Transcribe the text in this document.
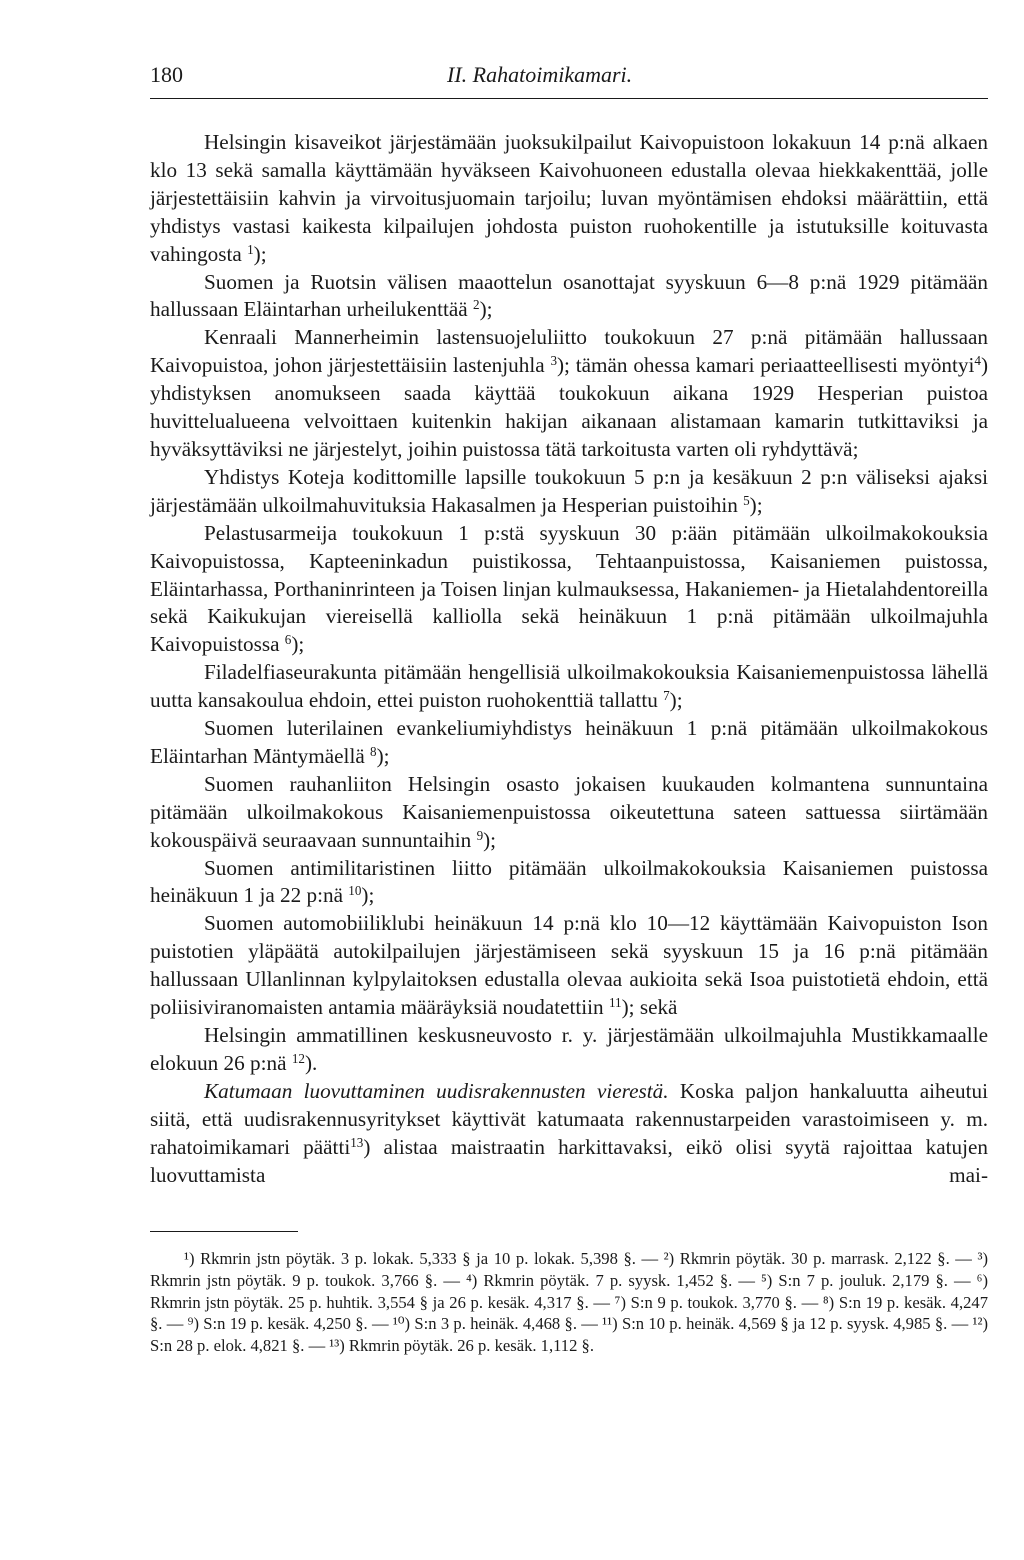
180	II. Rahatoimikamari.

Helsingin kisaveikot järjestämään juoksukilpailut Kaivopuistoon lokakuun 14 p:nä alkaen klo 13 sekä samalla käyttämään hyväkseen Kaivohuoneen edustalla olevaa hiekkakenttää, jolle järjestettäisiin kahvin ja virvoitusjuomain tarjoilu; luvan myöntämisen ehdoksi määrättiin, että yhdistys vastasi kaikesta kilpailujen johdosta puiston ruohokentille ja istutuksille koituvasta vahingosta $^1$);

Suomen ja Ruotsin välisen maaottelun osanottajat syyskuun 6—8 p:nä 1929 pitämään hallussaan Eläintarhan urheilukenttää $^2$);

Kenraali Mannerheimin lastensuojeluliitto toukokuun 27 p:nä pitämään hallussaan Kaivopuistoa, johon järjestettäisiin lastenjuhla $^3$); tämän ohessa kamari periaatteellisesti myöntyi$^4$) yhdistyksen anomukseen saada käyttää toukokuun aikana 1929 Hesperian puistoa huvittelualueena velvoittaen kuitenkin hakijan aikanaan alistamaan kamarin tutkittaviksi ja hyväksyttäviksi ne järjestelyt, joihin puistossa tätä tarkoitusta varten oli ryhdyttävä;

Yhdistys Koteja kodittomille lapsille toukokuun 5 p:n ja kesäkuun 2 p:n väliseksi ajaksi järjestämään ulkoilmahuvituksia Hakasalmen ja Hesperian puistoihin $^5$);

Pelastusarmeija toukokuun 1 p:stä syyskuun 30 p:ään pitämään ulkoilmakokouksia Kaivopuistossa, Kapteeninkadun puistikossa, Tehtaanpuistossa, Kaisaniemen puistossa, Eläintarhassa, Porthaninrinteen ja Toisen linjan kulmauksessa, Hakaniemen- ja Hietalahdentoreilla sekä Kaikukujan viereisellä kalliolla sekä heinäkuun 1 p:nä pitämään ulkoilmajuhla Kaivopuistossa $^6$);

Filadelfiaseurakunta pitämään hengellisiä ulkoilmakokouksia Kaisaniemenpuistossa lähellä uutta kansakoulua ehdoin, ettei puiston ruohokenttiä tallattu $^7$);

Suomen luterilainen evankeliumiyhdistys heinäkuun 1 p:nä pitämään ulkoilmakokous Eläintarhan Mäntymäellä $^8$);

Suomen rauhanliiton Helsingin osasto jokaisen kuukauden kolmantena sunnuntaina pitämään ulkoilmakokous Kaisaniemenpuistossa oikeutettuna sateen sattuessa siirtämään kokouspäivä seuraavaan sunnuntaihin $^9$);

Suomen antimilitaristinen liitto pitämään ulkoilmakokouksia Kaisaniemen puistossa heinäkuun 1 ja 22 p:nä $^{10}$);

Suomen automobiiliklubi heinäkuun 14 p:nä klo 10—12 käyttämään Kaivopuiston Ison puistotien yläpäätä autokilpailujen järjestämiseen sekä syyskuun 15 ja 16 p:nä pitämään hallussaan Ullanlinnan kylpylaitoksen edustalla olevaa aukioita sekä Isoa puistotietä ehdoin, että poliisiviranomaisten antamia määräyksiä noudatettiin $^{11}$); sekä

Helsingin ammatillinen keskusneuvosto r. y. järjestämään ulkoilmajuhla Mustikkamaalle elokuun 26 p:nä $^{12}$).

Katumaan luovuttaminen uudisrakennusten vierestä. Koska paljon hankaluutta aiheutui siitä, että uudisrakennusyritykset käyttivät katumaata rakennustarpeiden varastoimiseen y. m. rahatoimikamari päätti$^{13}$) alistaa maistraatin harkittavaksi, eikö olisi syytä rajoittaa katujen luovuttamista mai-

¹) Rkmrin jstn pöytäk. 3 p. lokak. 5,333 § ja 10 p. lokak. 5,398 §. — ²) Rkmrin pöytäk. 30 p. marrask. 2,122 §. — ³) Rkmrin jstn pöytäk. 9 p. toukok. 3,766 §. — ⁴) Rkmrin pöytäk. 7 p. syysk. 1,452 §. — ⁵) S:n 7 p. jouluk. 2,179 §. — ⁶) Rkmrin jstn pöytäk. 25 p. huhtik. 3,554 § ja 26 p. kesäk. 4,317 §. — ⁷) S:n 9 p. toukok. 3,770 §. — ⁸) S:n 19 p. kesäk. 4,247 §. — ⁹) S:n 19 p. kesäk. 4,250 §. — ¹⁰) S:n 3 p. heinäk. 4,468 §. — ¹¹) S:n 10 p. heinäk. 4,569 § ja 12 p. syysk. 4,985 §. — ¹²) S:n 28 p. elok. 4,821 §. — ¹³) Rkmrin pöytäk. 26 p. kesäk. 1,112 §.
